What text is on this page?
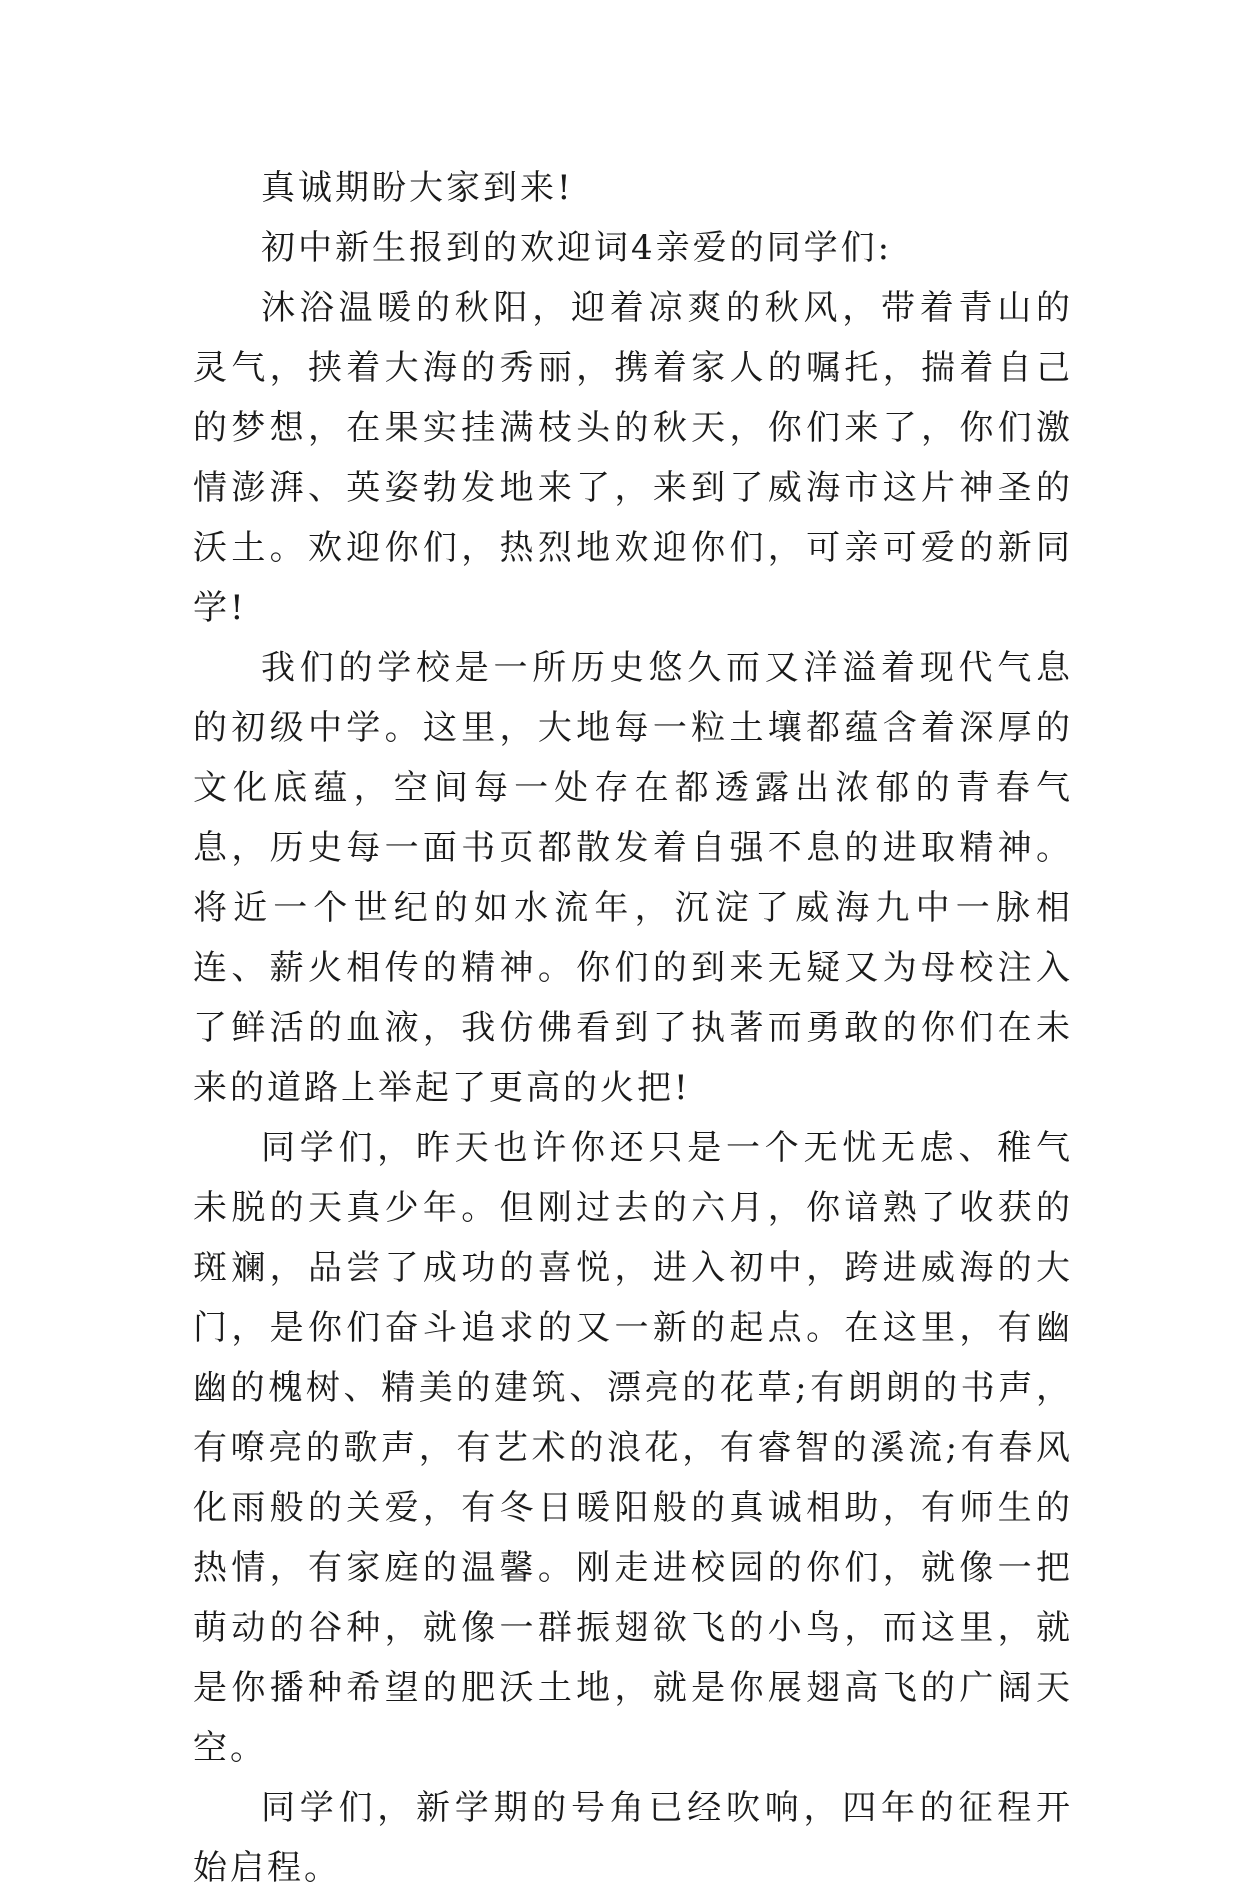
真诚期盼大家到来!

初中新生报到的欢迎词4亲爱的同学们:

沐浴温暖的秋阳，迎着凉爽的秋风，带着青山的灵气，挟着大海的秀丽，携着家人的嘱托，揣着自己的梦想，在果实挂满枝头的秋天，你们来了，你们激情澎湃、英姿勃发地来了，来到了威海市这片神圣的沃土。欢迎你们，热烈地欢迎你们，可亲可爱的新同学!

我们的学校是一所历史悠久而又洋溢着现代气息的初级中学。这里，大地每一粒土壤都蕴含着深厚的文化底蕴，空间每一处存在都透露出浓郁的青春气息，历史每一面书页都散发着自强不息的进取精神。将近一个世纪的如水流年，沉淀了威海九中一脉相连、薪火相传的精神。你们的到来无疑又为母校注入了鲜活的血液，我仿佛看到了执著而勇敢的你们在未来的道路上举起了更高的火把!

同学们，昨天也许你还只是一个无忧无虑、稚气未脱的天真少年。但刚过去的六月，你谙熟了收获的斑斓，品尝了成功的喜悦，进入初中，跨进威海的大门，是你们奋斗追求的又一新的起点。在这里，有幽幽的槐树、精美的建筑、漂亮的花草;有朗朗的书声，有嘹亮的歌声，有艺术的浪花，有睿智的溪流;有春风化雨般的关爱，有冬日暖阳般的真诚相助，有师生的热情，有家庭的温馨。刚走进校园的你们，就像一把萌动的谷种，就像一群振翅欲飞的小鸟，而这里，就是你播种希望的肥沃土地，就是你展翅高飞的广阔天空。

同学们，新学期的号角已经吹响，四年的征程开始启程。
